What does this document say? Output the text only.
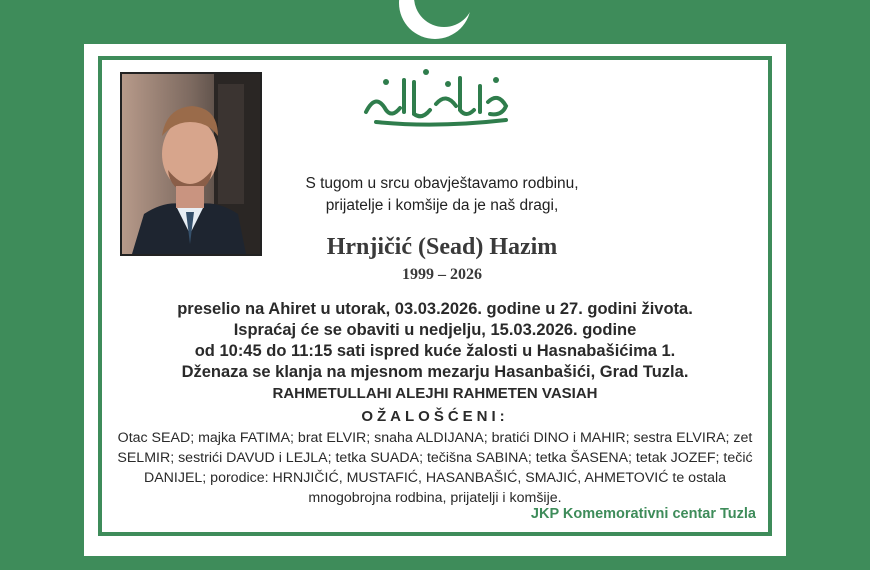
S tugom u srcu obavještavamo rodbinu,
prijatelje i komšije da je naš dragi,
Hrnjičić (Sead) Hazim
1999 – 2026
preselio na Ahiret u utorak, 03.03.2026. godine u 27. godini života.
Ispraćaj će se obaviti u nedjelju, 15.03.2026. godine
od 10:45 do 11:15 sati ispred kuće žalosti u Hasnabašićima 1.
Dženaza se klanja na mjesnom mezarju Hasanbašići, Grad Tuzla.
RAHMETULLAHI ALEJHI RAHMETEN VASIAH
OŽALOŠĆENI:
Otac SEAD; majka FATIMA; brat ELVIR; snaha ALDIJANA; bratići DINO i MAHIR; sestra ELVIRA; zet SELMIR; sestrići DAVUD i LEJLA; tetka SUADA; tečišna SABINA; tetka ŠASENA; tetak JOZEF; tečić DANIJEL; porodice: HRNJIČIĆ, MUSTAFIĆ, HASANBAŠIĆ, SMAJIĆ, AHMETOVIĆ te ostala mnogobrojna rodbina, prijatelji i komšije.
JKP Komemorativni centar Tuzla
